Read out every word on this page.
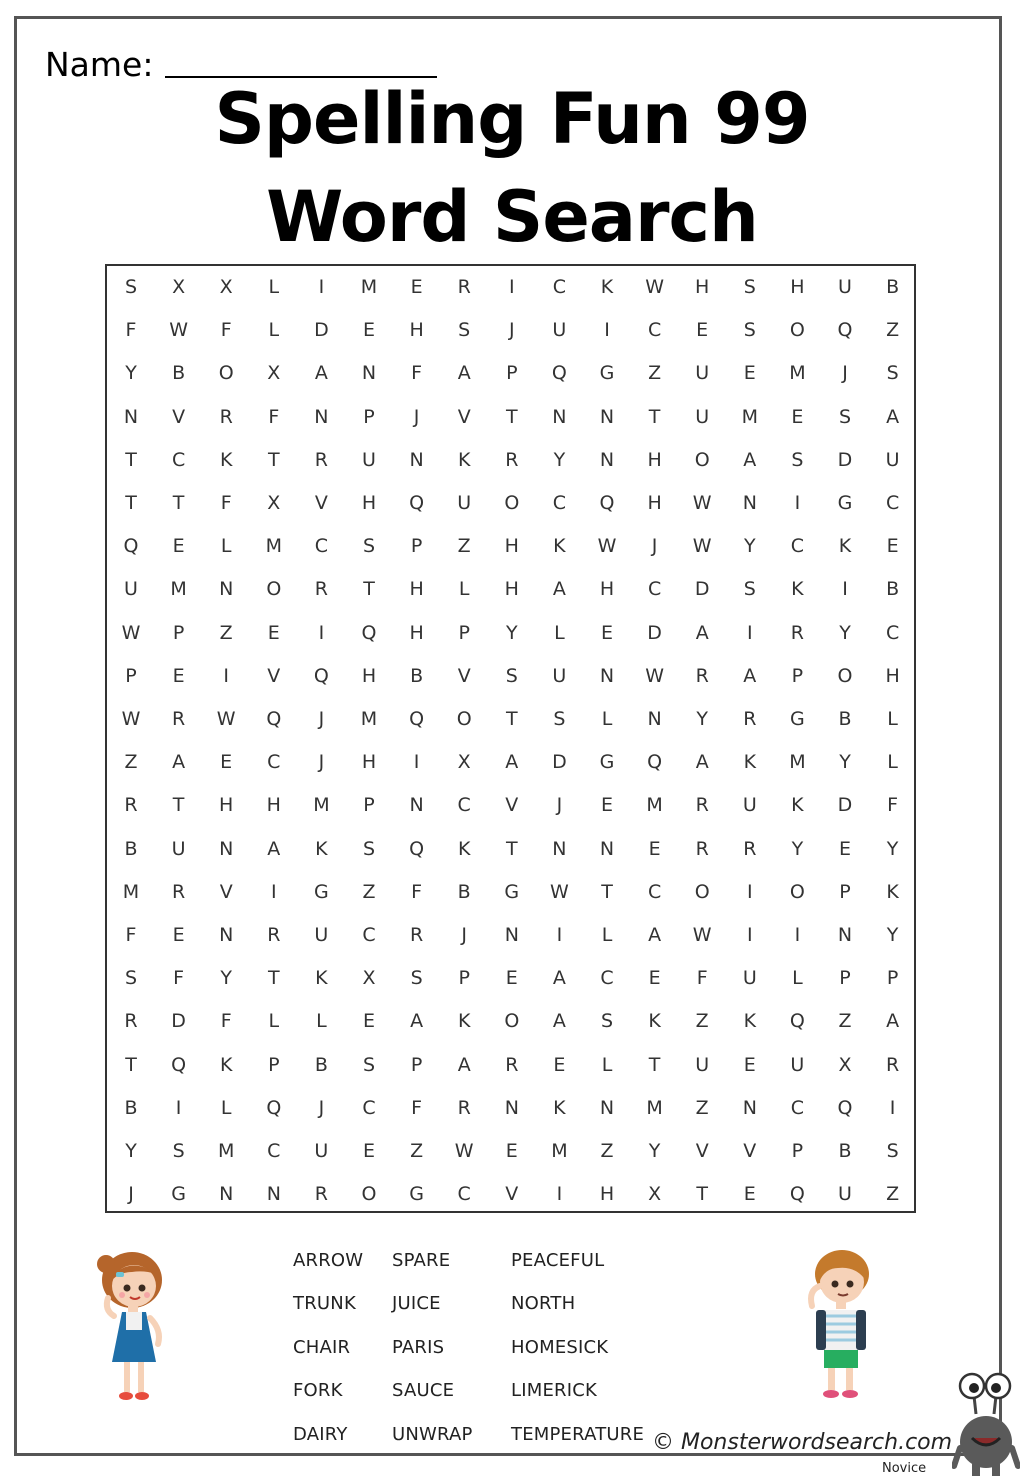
Name:
Spelling Fun 99
Word Search
S	X	X	L	I	M	E	R	I	C	K	W	H	S	H	U	B
F	W	F	L	D	E	H	S	J	U	I	C	E	S	O	Q	Z
Y	B	O	X	A	N	F	A	P	Q	G	Z	U	E	M	J	S
N	V	R	F	N	P	J	V	T	N	N	T	U	M	E	S	A
T	C	K	T	R	U	N	K	R	Y	N	H	O	A	S	D	U
T	T	F	X	V	H	Q	U	O	C	Q	H	W	N	I	G	C
Q	E	L	M	C	S	P	Z	H	K	W	J	W	Y	C	K	E
U	M	N	O	R	T	H	L	H	A	H	C	D	S	K	I	B
W	P	Z	E	I	Q	H	P	Y	L	E	D	A	I	R	Y	C
P	E	I	V	Q	H	B	V	S	U	N	W	R	A	P	O	H
W	R	W	Q	J	M	Q	O	T	S	L	N	Y	R	G	B	L
Z	A	E	C	J	H	I	X	A	D	G	Q	A	K	M	Y	L
R	T	H	H	M	P	N	C	V	J	E	M	R	U	K	D	F
B	U	N	A	K	S	Q	K	T	N	N	E	R	R	Y	E	Y
M	R	V	I	G	Z	F	B	G	W	T	C	O	I	O	P	K
F	E	N	R	U	C	R	J	N	I	L	A	W	I	I	N	Y
S	F	Y	T	K	X	S	P	E	A	C	E	F	U	L	P	P
R	D	F	L	L	E	A	K	O	A	S	K	Z	K	Q	Z	A
T	Q	K	P	B	S	P	A	R	E	L	T	U	E	U	X	R
B	I	L	Q	J	C	F	R	N	K	N	M	Z	N	C	Q	I
Y	S	M	C	U	E	Z	W	E	M	Z	Y	V	V	P	B	S
J	G	N	N	R	O	G	C	V	I	H	X	T	E	Q	U	Z
ARROW
TRUNK
CHAIR
FORK
DAIRY
SPARE
JUICE
PARIS
SAUCE
UNWRAP
PEACEFUL
NORTH
HOMESICK
LIMERICK
TEMPERATURE © Monsterwordsearch.com
Novice
